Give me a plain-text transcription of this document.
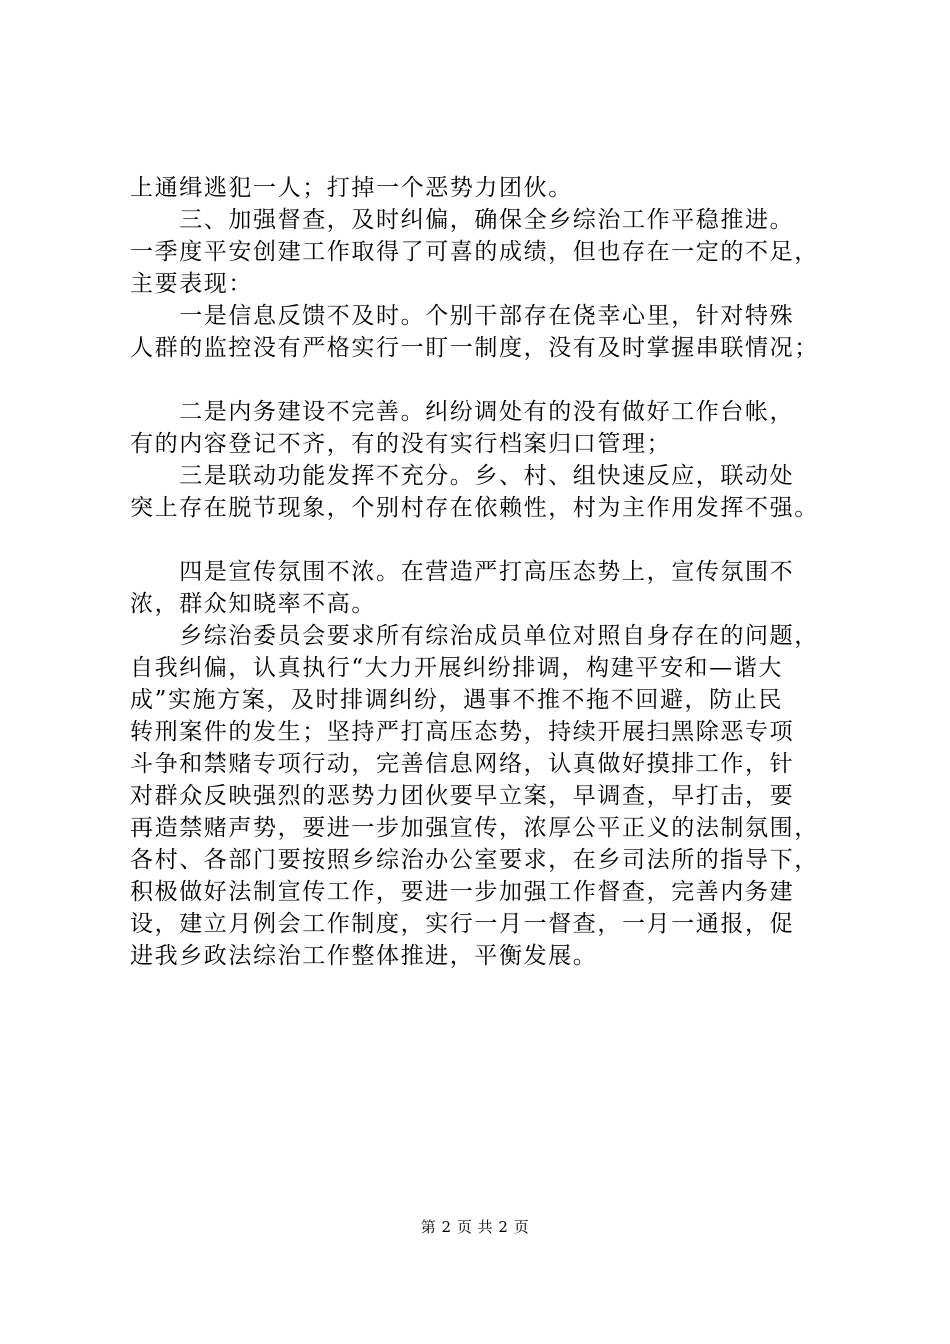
上通缉逃犯一人；打掉一个恶势力团伙。
　　三、加强督查，及时纠偏，确保全乡综治工作平稳推进。
一季度平安创建工作取得了可喜的成绩，但也存在一定的不足，
主要表现：
　　一是信息反馈不及时。个别干部存在侥幸心里，针对特殊
人群的监控没有严格实行一盯一制度，没有及时掌握串联情况；
　　二是内务建设不完善。纠纷调处有的没有做好工作台帐，
有的内容登记不齐，有的没有实行档案归口管理；
　　三是联动功能发挥不充分。乡、村、组快速反应，联动处
突上存在脱节现象，个别村存在依赖性，村为主作用发挥不强。
　　四是宣传氛围不浓。在营造严打高压态势上，宣传氛围不
浓，群众知晓率不高。
　　乡综治委员会要求所有综治成员单位对照自身存在的问题，
自我纠偏，认真执行“大力开展纠纷排调，构建平安和—谐大
成”实施方案，及时排调纠纷，遇事不推不拖不回避，防止民
转刑案件的发生；坚持严打高压态势，持续开展扫黑除恶专项
斗争和禁赌专项行动，完善信息网络，认真做好摸排工作，针
对群众反映强烈的恶势力团伙要早立案，早调查，早打击，要
再造禁赌声势，要进一步加强宣传，浓厚公平正义的法制氛围，
各村、各部门要按照乡综治办公室要求，在乡司法所的指导下，
积极做好法制宣传工作，要进一步加强工作督查，完善内务建
设，建立月例会工作制度，实行一月一督查，一月一通报，促
进我乡政法综治工作整体推进，平衡发展。
第 2 页 共 2 页
